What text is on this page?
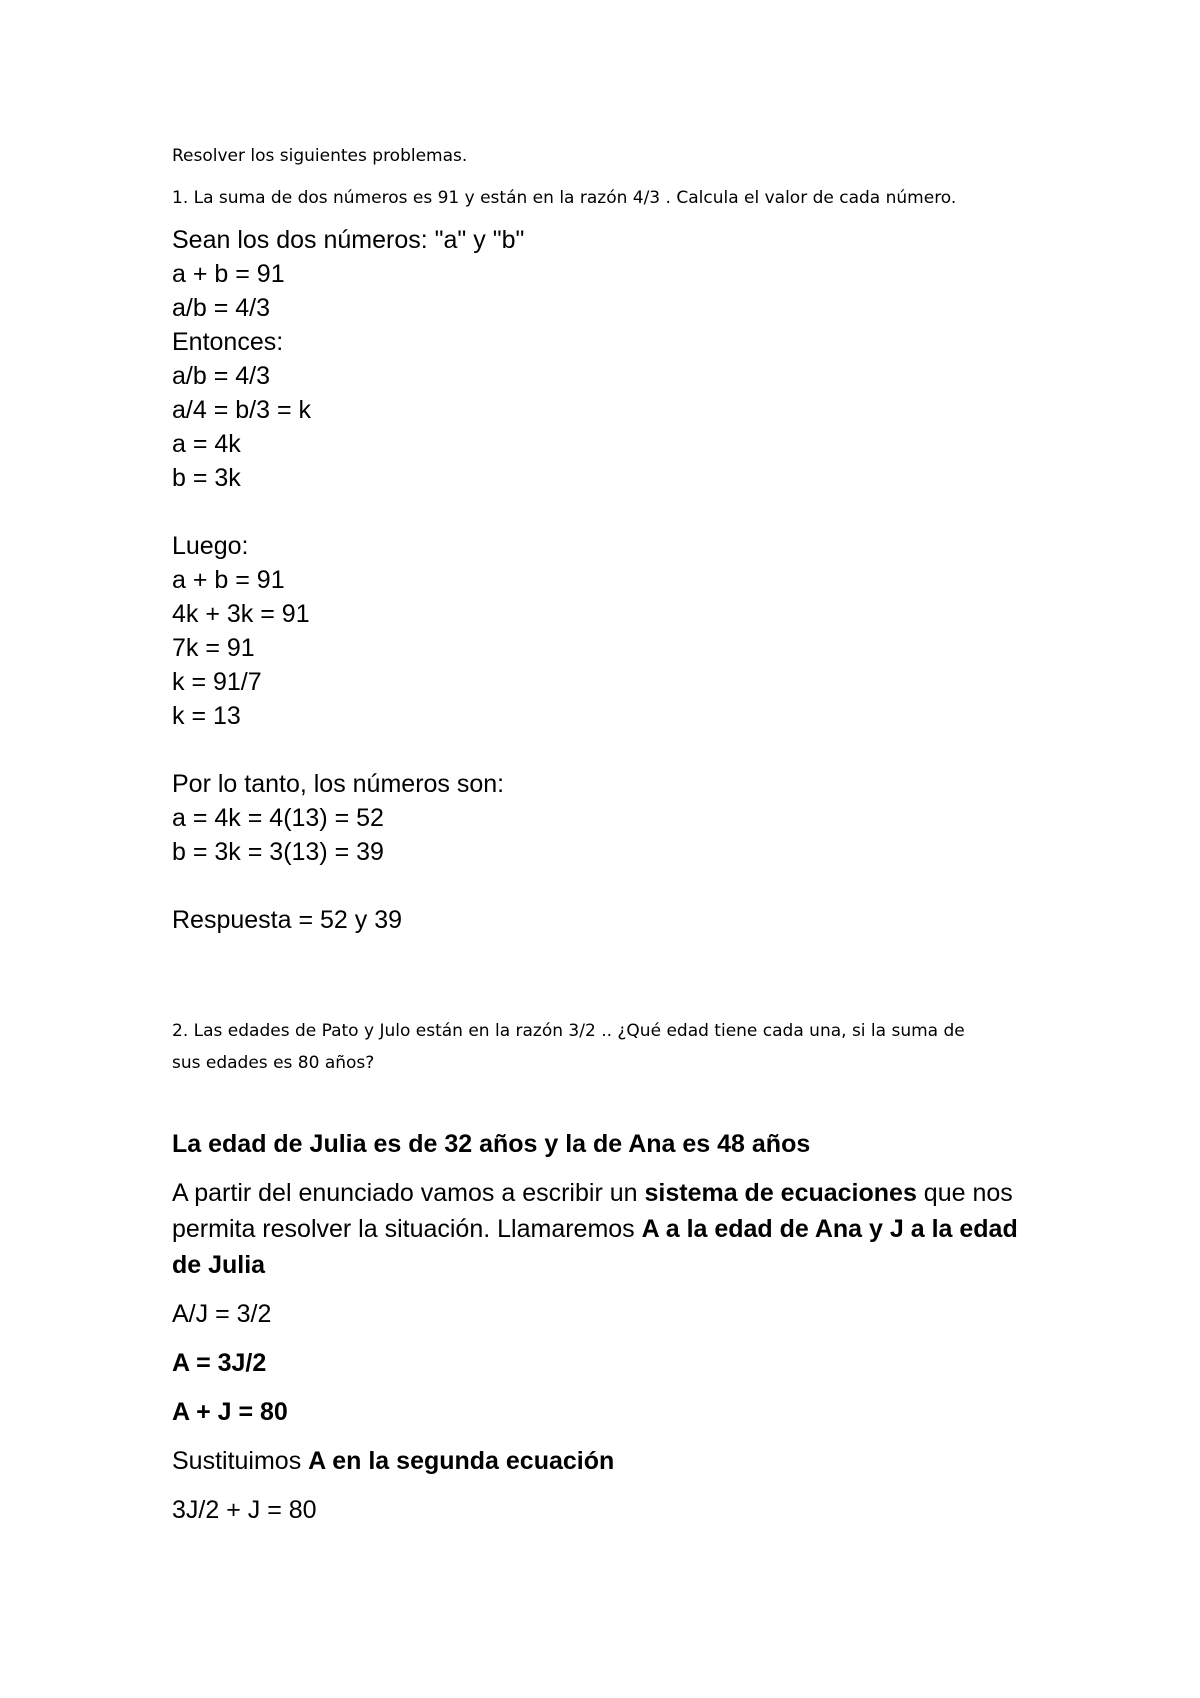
Resolver los siguientes problemas.

1. La suma de dos números es 91 y están en la razón 4/3 . Calcula el valor de cada número.

Sean los dos números: "a" y "b"

a + b = 91

a/b = 4/3

Entonces:

a/b = 4/3

a/4 = b/3 = k

a = 4k

b = 3k

Luego:

a + b = 91

4k + 3k = 91

7k = 91

k = 91/7

k = 13

Por lo tanto, los números son:

a = 4k = 4(13) = 52

b = 3k = 3(13) = 39

Respuesta = 52 y 39

2. Las edades de Pato y Julo están en la razón 3/2 .. ¿Qué edad tiene cada una, si la suma de
sus edades es 80 años?

La edad de Julia es de 32 años y la de Ana es 48 años

A partir del enunciado vamos a escribir un sistema de ecuaciones que nos permita resolver la situación. Llamaremos A a la edad de Ana y J a la edad de Julia

A/J = 3/2

A = 3J/2

A + J = 80

Sustituimos A en la segunda ecuación

3J/2 + J = 80
